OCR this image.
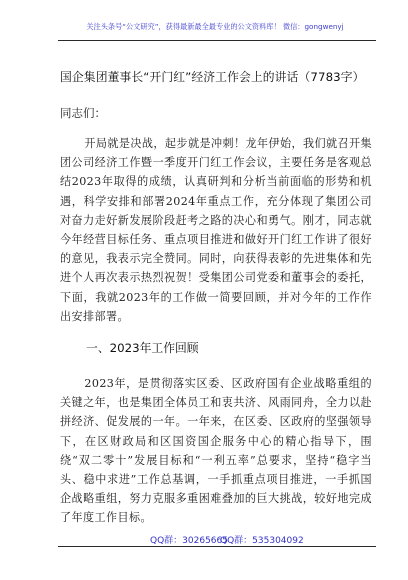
关注头条号“公文研究”，获得最新最全最专业的公文资料库！ 微信：gongwenyj
国企集团董事长“开门红”经济工作会上的讲话（7783字）
同志们：
开局就是决战，起步就是冲刺！龙年伊始，我们就召开集团公司经济工作暨一季度开门红工作会议，主要任务是客观总结2023年取得的成绩，认真研判和分析当前面临的形势和机遇，科学安排和部署2024年重点工作，充分体现了集团公司对奋力走好新发展阶段赶考之路的决心和勇气。刚才，同志就今年经营目标任务、重点项目推进和做好开门红工作讲了很好的意见，我表示完全赞同。同时，向获得表彰的先进集体和先进个人再次表示热烈祝贺！受集团公司党委和董事会的委托，下面，我就2023年的工作做一简要回顾，并对今年的工作作出安排部署。
一、2023年工作回顾
2023年，是贯彻落实区委、区政府国有企业战略重组的关键之年，也是集团全体员工和衷共济、风雨同舟，全力以赴拼经济、促发展的一年。一年来，在区委、区政府的坚强领导下，在区财政局和区国资国企服务中心的精心指导下，围绕“双二零十”发展目标和“一利五率”总要求，坚持“稳字当头、稳中求进”工作总基调，一手抓重点项目推进，一手抓国企战略重组，努力克服多重困难叠加的巨大挑战，较好地完成了年度工作目标。
QQ群：30265665
QQ群：535304092
